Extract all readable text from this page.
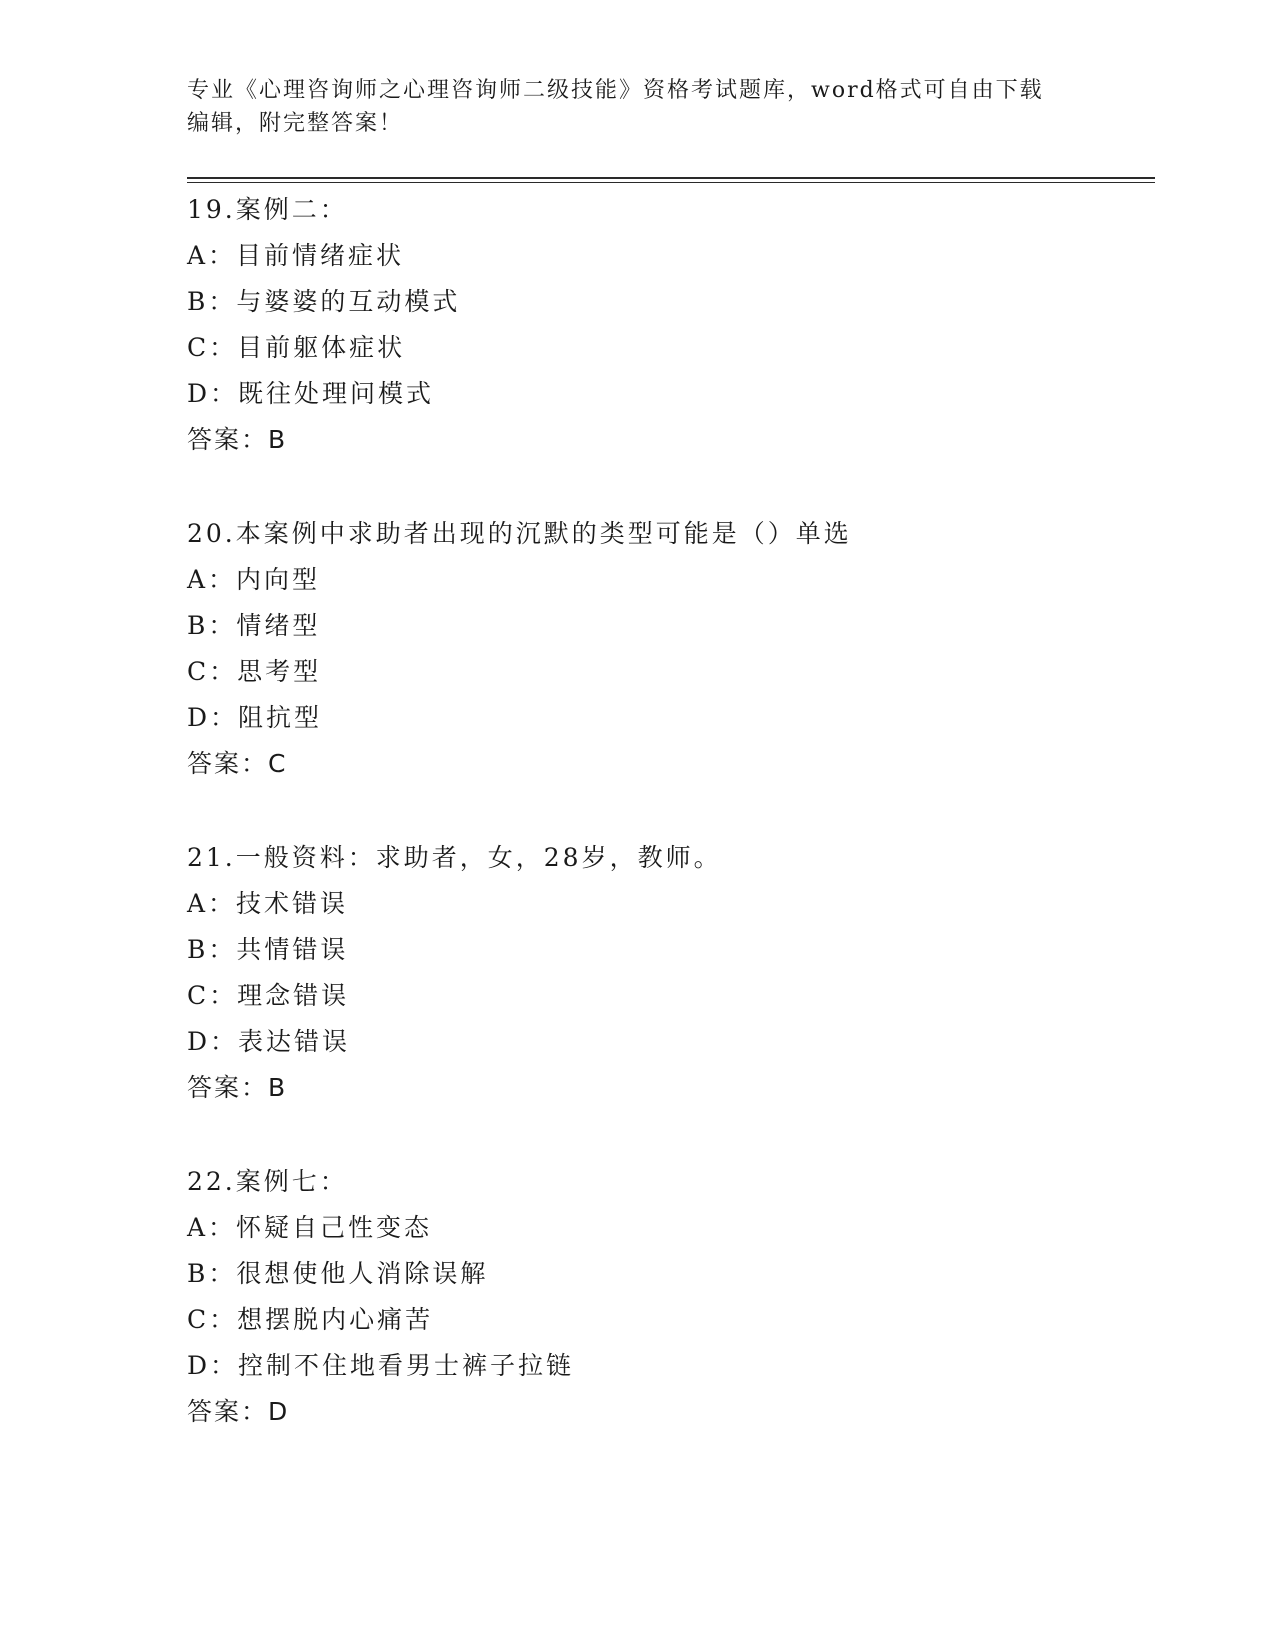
专业《心理咨询师之心理咨询师二级技能》资格考试题库，word格式可自由下载

编辑，附完整答案！

19.案例二：
A：目前情绪症状
B：与婆婆的互动模式
C：目前躯体症状
D：既往处理问模式
答案：B
20.本案例中求助者出现的沉默的类型可能是（）单选
A：内向型
B：情绪型
C：思考型
D：阻抗型
答案：C
21.一般资料：求助者，女，28岁，教师。
A：技术错误
B：共情错误
C：理念错误
D：表达错误
答案：B
22.案例七：
A：怀疑自己性变态
B：很想使他人消除误解
C：想摆脱内心痛苦
D：控制不住地看男士裤子拉链
答案：D
